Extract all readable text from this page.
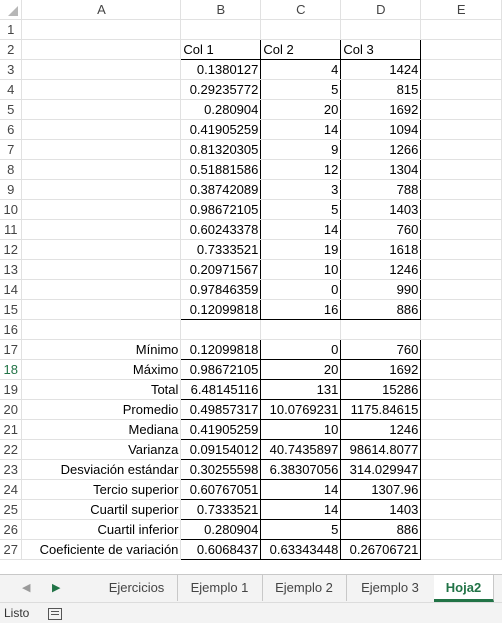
	A	B	C	D	E
1					
2		Col 1	Col 2	Col 3	
3		0.1380127	4	1424	
4		0.29235772	5	815	
5		0.280904	20	1692	
6		0.41905259	14	1094	
7		0.81320305	9	1266	
8		0.51881586	12	1304	
9		0.38742089	3	788	
10		0.98672105	5	1403	
11		0.60243378	14	760	
12		0.7333521	19	1618	
13		0.20971567	10	1246	
14		0.97846359	0	990	
15		0.12099818	16	886	
16					
17	Mínimo	0.12099818	0	760	
18	Máximo	0.98672105	20	1692	
19	Total	6.48145116	131	15286	
20	Promedio	0.49857317	10.0769231	1175.84615	
21	Mediana	0.41905259	10	1246	
22	Varianza	0.09154012	40.7435897	98614.8077	
23	Desviación estándar	0.30255598	6.38307056	314.029947	
24	Tercio superior	0.60767051	14	1307.96	
25	Cuartil superior	0.7333521	14	1403	
26	Cuartil inferior	0.280904	5	886	
27	Coeficiente de variación	0.6068437	0.63343448	0.26706721	
◀ ▶	Ejercicios	Ejemplo 1	Ejemplo 2	Ejemplo 3	Hoja2
Listo
